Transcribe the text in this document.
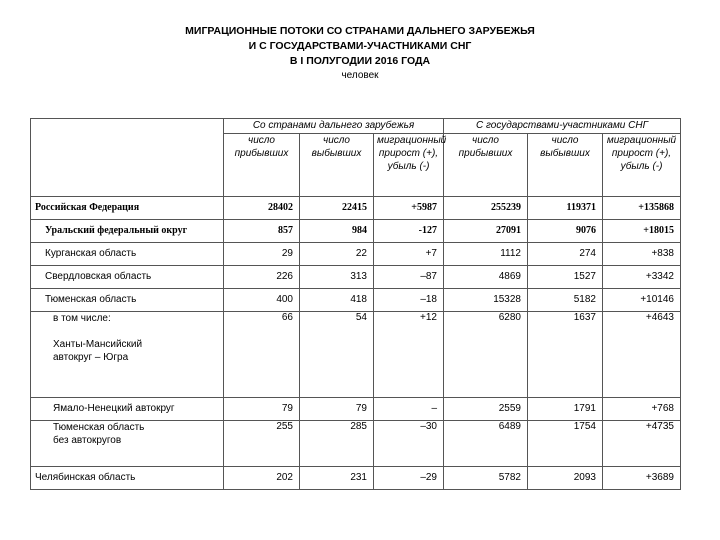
МИГРАЦИОННЫЕ ПОТОКИ СО СТРАНАМИ ДАЛЬНЕГО ЗАРУБЕЖЬЯ
И С ГОСУДАРСТВАМИ-УЧАСТНИКАМИ СНГ
В I ПОЛУГОДИИ 2016 ГОДА
человек
	Со странами дальнего зарубежья			С государствами-участниками СНГ		
	число прибывших	число выбывших	миграционный прирост (+), убыль (-)	число прибывших	число выбывших	миграционный прирост (+), убыль (-)
Российская Федерация	28402	22415	+5987	255239	119371	+135868
Уральский федеральный округ	857	984	-127	27091	9076	+18015
Курганская область	29	22	+7	1112	274	+838
Свердловская область	226	313	–87	4869	1527	+3342
Тюменская область	400	418	–18	15328	5182	+10146

в том числе:
Ханты-Мансийский
автокруг – Югра	66	54	+12	6280	1637	+4643
Ямало-Ненецкий автокруг	79	79	–	2559	1791	+768

Тюменская область
без автокругов	255	285	–30	6489	1754	+4735
Челябинская область	202	231	–29	5782	2093	+3689
